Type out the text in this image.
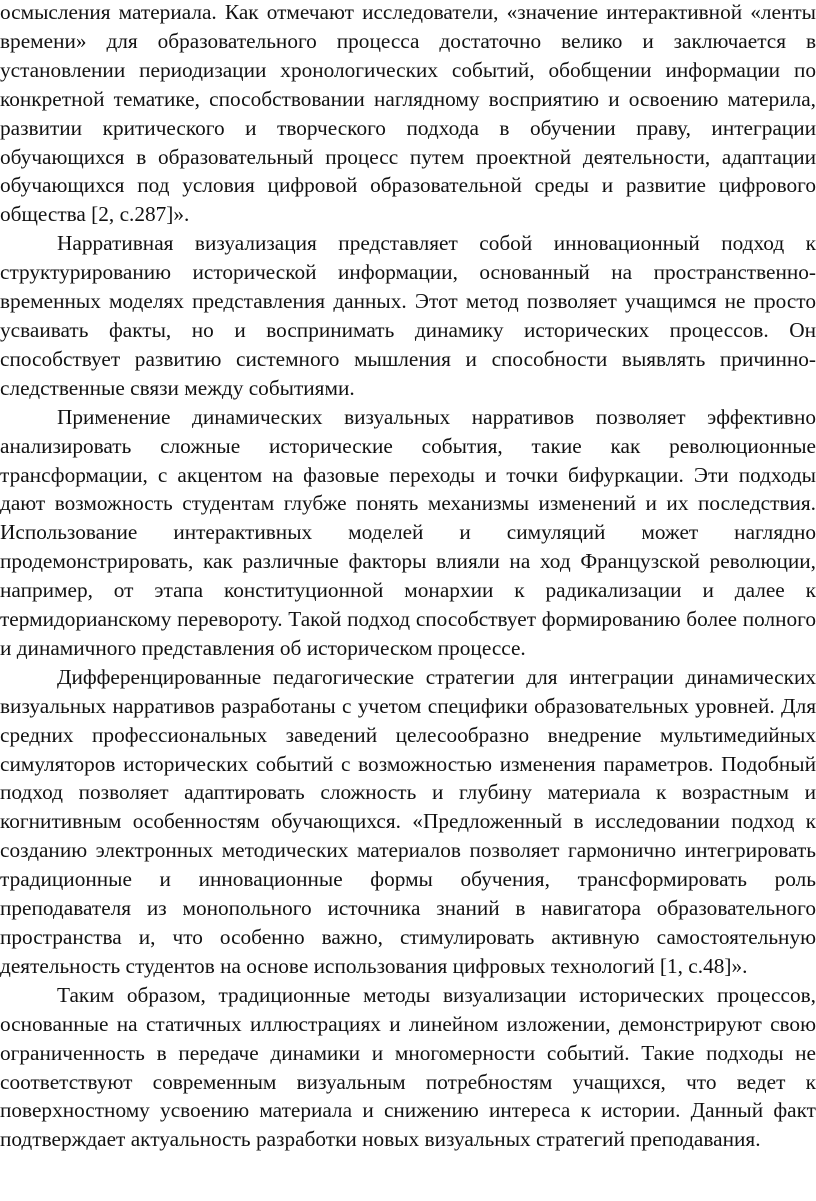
осмысления материала. Как отмечают исследователи, «значение интерактивной «ленты времени» для образовательного процесса достаточно велико и заключается в установлении периодизации хронологических событий, обобщении информации по конкретной тематике, способствовании наглядному восприятию и освоению материла, развитии критического и творческого подхода в обучении праву, интеграции обучающихся в образовательный процесс путем проектной деятельности, адаптации обучающихся под условия цифровой образовательной среды и развитие цифрового общества [2, с.287]».

Нарративная визуализация представляет собой инновационный подход к структурированию исторической информации, основанный на пространственно-временных моделях представления данных. Этот метод позволяет учащимся не просто усваивать факты, но и воспринимать динамику исторических процессов. Он способствует развитию системного мышления и способности выявлять причинно-следственные связи между событиями.

Применение динамических визуальных нарративов позволяет эффективно анализировать сложные исторические события, такие как революционные трансформации, с акцентом на фазовые переходы и точки бифуркации. Эти подходы дают возможность студентам глубже понять механизмы изменений и их последствия. Использование интерактивных моделей и симуляций может наглядно продемонстрировать, как различные факторы влияли на ход Французской революции, например, от этапа конституционной монархии к радикализации и далее к термидорианскому перевороту. Такой подход способствует формированию более полного и динамичного представления об историческом процессе.

Дифференцированные педагогические стратегии для интеграции динамических визуальных нарративов разработаны с учетом специфики образовательных уровней. Для средних профессиональных заведений целесообразно внедрение мультимедийных симуляторов исторических событий с возможностью изменения параметров. Подобный подход позволяет адаптировать сложность и глубину материала к возрастным и когнитивным особенностям обучающихся. «Предложенный в исследовании подход к созданию электронных методических материалов позволяет гармонично интегрировать традиционные и инновационные формы обучения, трансформировать роль преподавателя из монопольного источника знаний в навигатора образовательного пространства и, что особенно важно, стимулировать активную самостоятельную деятельность студентов на основе использования цифровых технологий [1, с.48]».

Таким образом, традиционные методы визуализации исторических процессов, основанные на статичных иллюстрациях и линейном изложении, демонстрируют свою ограниченность в передаче динамики и многомерности событий. Такие подходы не соответствуют современным визуальным потребностям учащихся, что ведет к поверхностному усвоению материала и снижению интереса к истории. Данный факт подтверждает актуальность разработки новых визуальных стратегий преподавания.
